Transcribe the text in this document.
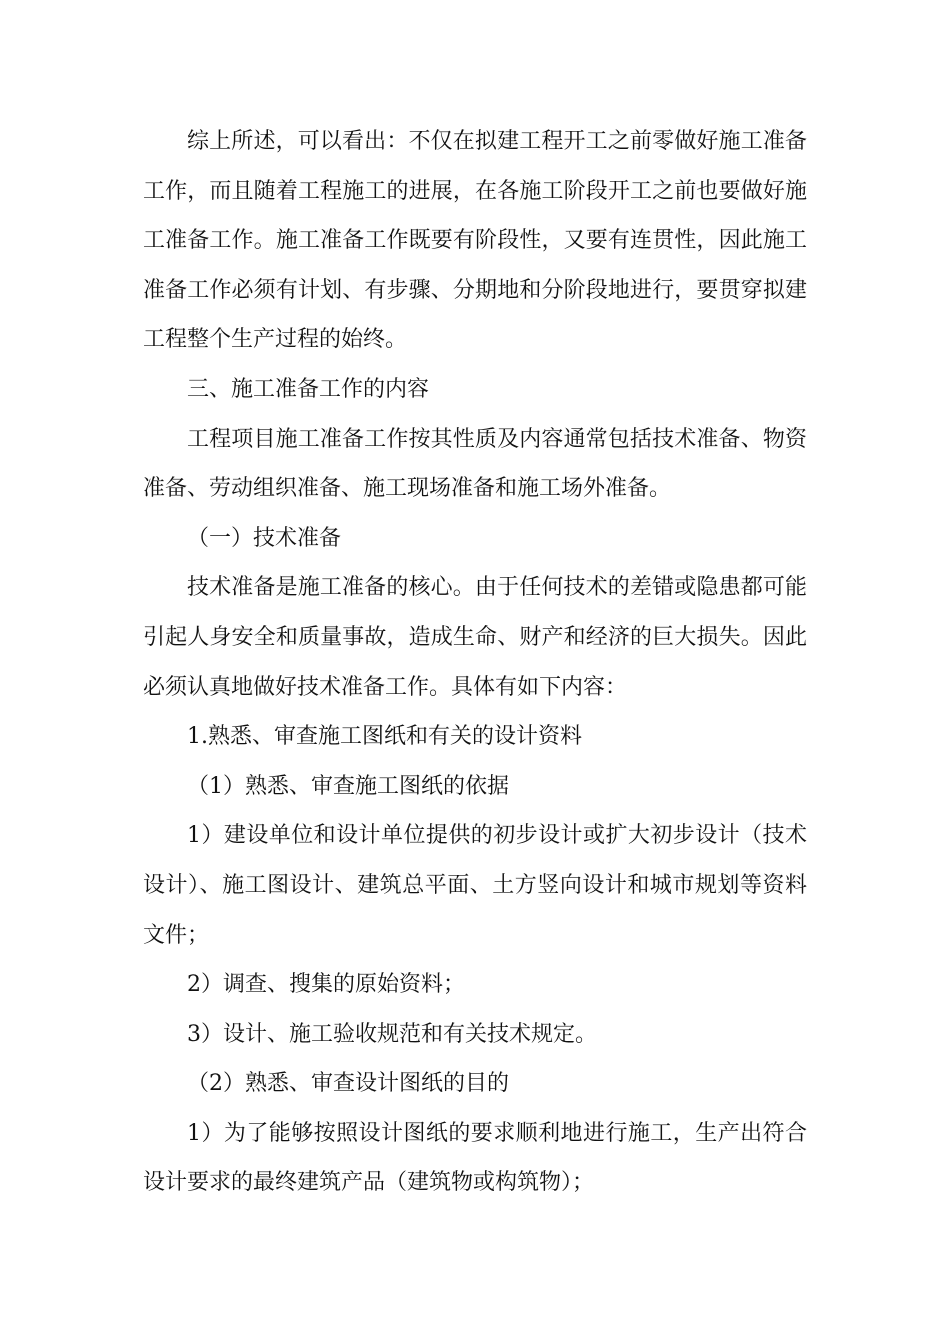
综上所述，可以看出：不仅在拟建工程开工之前零做好施工准备工作，而且随着工程施工的进展，在各施工阶段开工之前也要做好施工准备工作。施工准备工作既要有阶段性，又要有连贯性，因此施工准备工作必须有计划、有步骤、分期地和分阶段地进行，要贯穿拟建工程整个生产过程的始终。

三、施工准备工作的内容

工程项目施工准备工作按其性质及内容通常包括技术准备、物资准备、劳动组织准备、施工现场准备和施工场外准备。

（一）技术准备

技术准备是施工准备的核心。由于任何技术的差错或隐患都可能引起人身安全和质量事故，造成生命、财产和经济的巨大损失。因此必须认真地做好技术准备工作。具体有如下内容：

1.熟悉、审查施工图纸和有关的设计资料

（1）熟悉、审查施工图纸的依据

1）建设单位和设计单位提供的初步设计或扩大初步设计（技术设计）、施工图设计、建筑总平面、土方竖向设计和城市规划等资料文件；

2）调查、搜集的原始资料；

3）设计、施工验收规范和有关技术规定。

（2）熟悉、审查设计图纸的目的

1）为了能够按照设计图纸的要求顺利地进行施工，生产出符合设计要求的最终建筑产品（建筑物或构筑物）；
